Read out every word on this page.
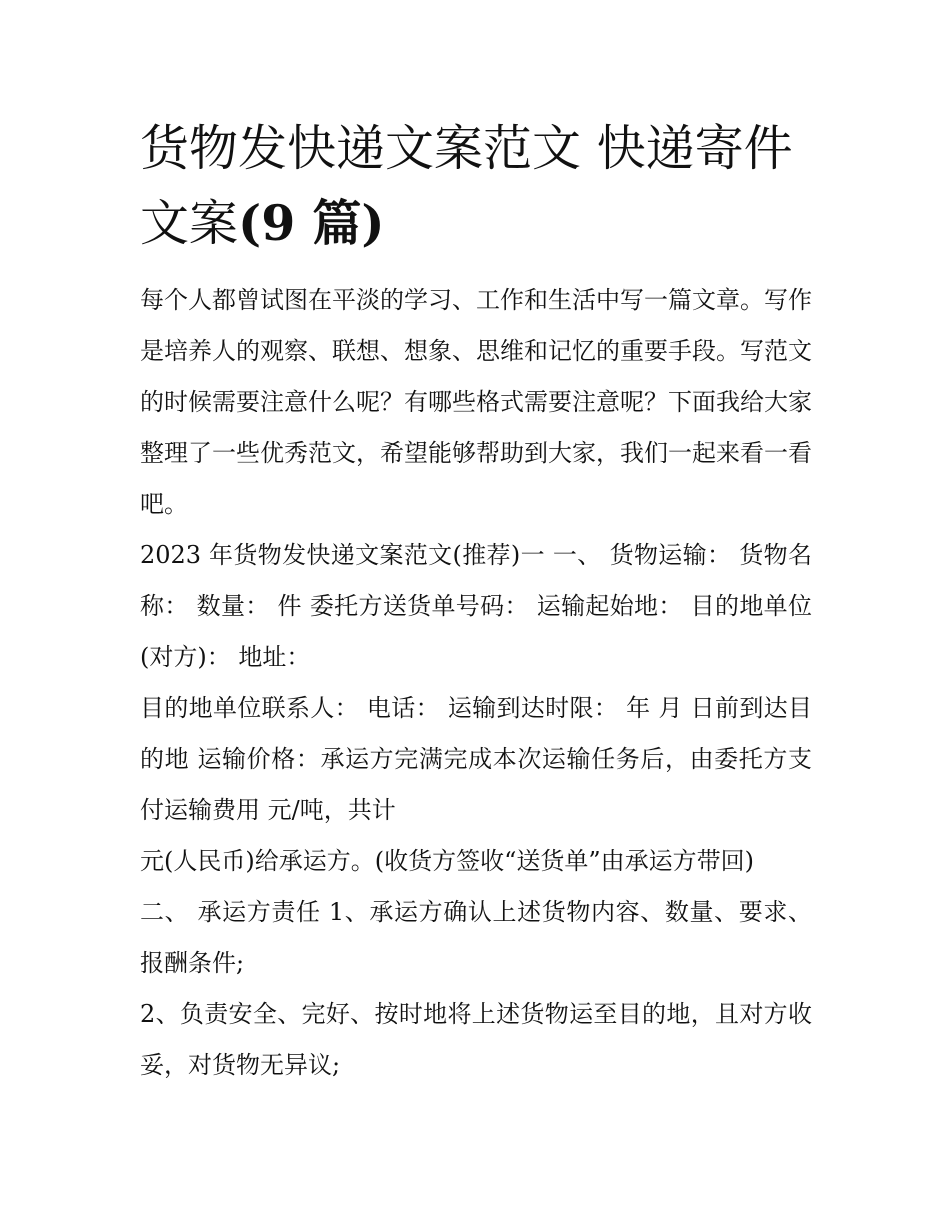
货物发快递文案范文 快递寄件文案(9 篇)

每个人都曾试图在平淡的学习、工作和生活中写一篇文章。写作是培养人的观察、联想、想象、思维和记忆的重要手段。写范文的时候需要注意什么呢？有哪些格式需要注意呢？下面我给大家整理了一些优秀范文，希望能够帮助到大家，我们一起来看一看吧。

2023 年货物发快递文案范文(推荐)一 一、 货物运输： 货物名称： 数量： 件 委托方送货单号码： 运输起始地： 目的地单位(对方)： 地址：

目的地单位联系人： 电话： 运输到达时限： 年 月 日前到达目的地 运输价格：承运方完满完成本次运输任务后，由委托方支付运输费用 元/吨，共计

元(人民币)给承运方。(收货方签收“送货单”由承运方带回)

二、 承运方责任 1、承运方确认上述货物内容、数量、要求、报酬条件;

2、负责安全、完好、按时地将上述货物运至目的地，且对方收妥，对货物无异议;
